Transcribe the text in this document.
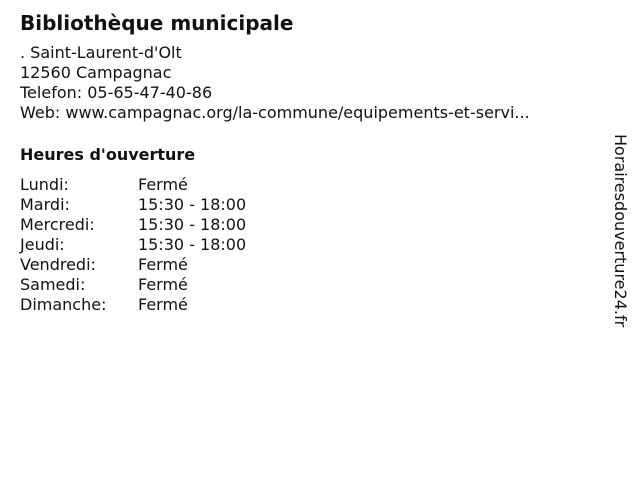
Bibliothèque municipale
. Saint-Laurent-d'Olt
12560 Campagnac
Telefon: 05-65-47-40-86
Web: www.campagnac.org/la-commune/equipements-et-servi...
Heures d'ouverture
Lundi:	Fermé
Mardi:	15:30 - 18:00
Mercredi:	15:30 - 18:00
Jeudi:	15:30 - 18:00
Vendredi:	Fermé
Samedi:	Fermé
Dimanche:	Fermé	Horairesdouverture24.fr
